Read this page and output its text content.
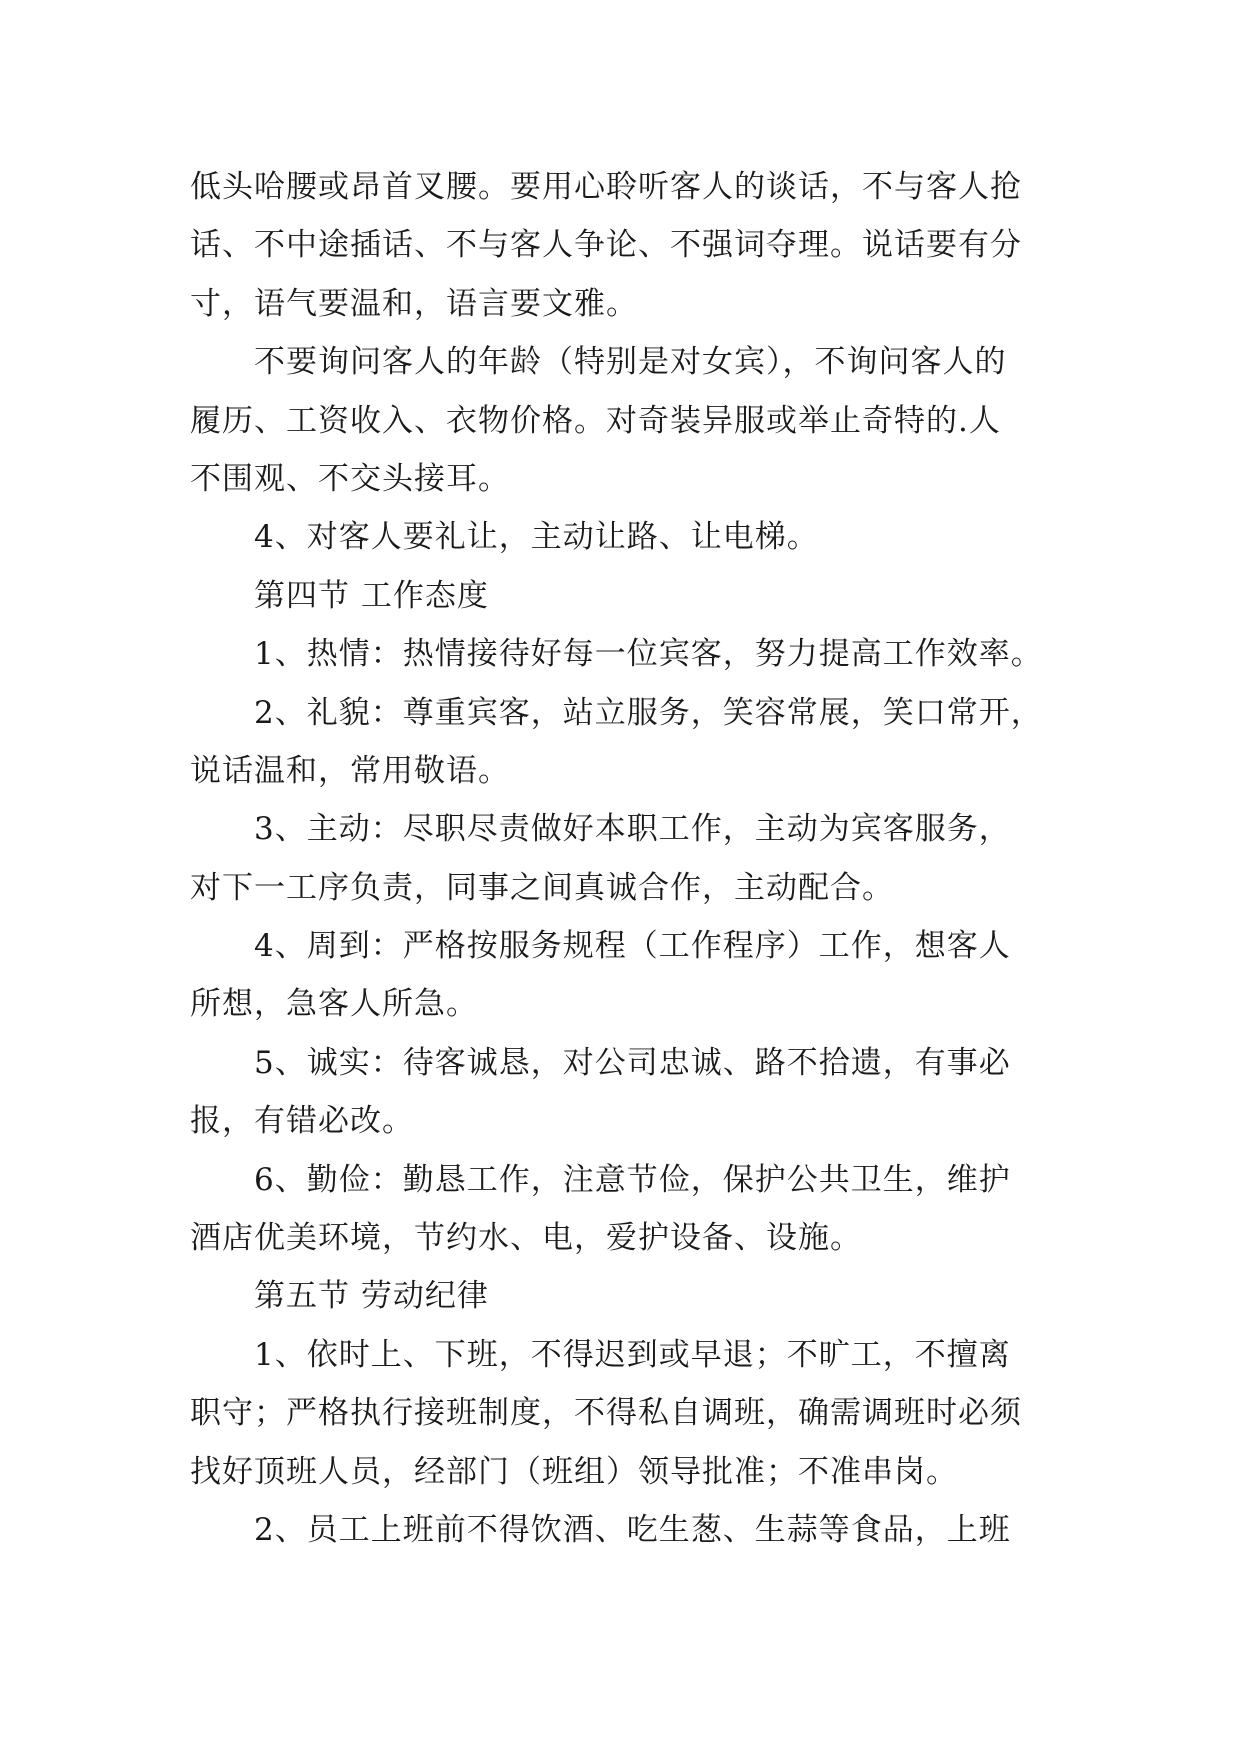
低头哈腰或昂首叉腰。要用心聆听客人的谈话，不与客人抢
话、不中途插话、不与客人争论、不强词夺理。说话要有分
寸，语气要温和，语言要文雅。
不要询问客人的年龄（特别是对女宾），不询问客人的
履历、工资收入、衣物价格。对奇装异服或举止奇特的.人
不围观、不交头接耳。
4、对客人要礼让，主动让路、让电梯。
第四节 工作态度
1、热情：热情接待好每一位宾客，努力提高工作效率。
2、礼貌：尊重宾客，站立服务，笑容常展，笑口常开，
说话温和，常用敬语。
3、主动：尽职尽责做好本职工作，主动为宾客服务，
对下一工序负责，同事之间真诚合作，主动配合。
4、周到：严格按服务规程（工作程序）工作，想客人
所想，急客人所急。
5、诚实：待客诚恳，对公司忠诚、路不拾遗，有事必
报，有错必改。
6、勤俭：勤恳工作，注意节俭，保护公共卫生，维护
酒店优美环境，节约水、电，爱护设备、设施。
第五节 劳动纪律
1、依时上、下班，不得迟到或早退；不旷工，不擅离
职守；严格执行接班制度，不得私自调班，确需调班时必须
找好顶班人员，经部门（班组）领导批准；不准串岗。
2、员工上班前不得饮酒、吃生葱、生蒜等食品，上班
